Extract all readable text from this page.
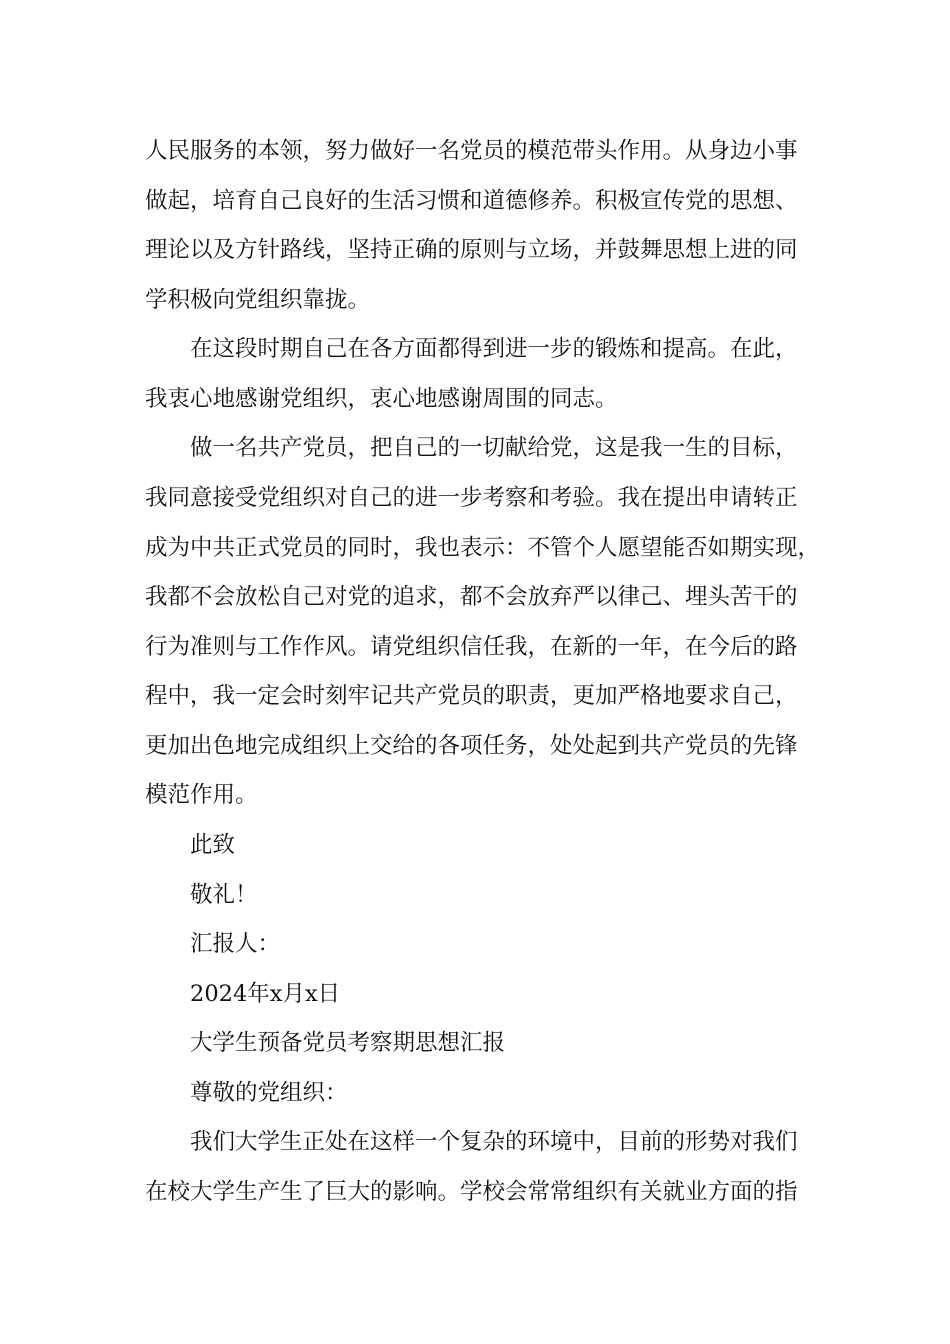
人民服务的本领，努力做好一名党员的模范带头作用。从身边小事
做起，培育自己良好的生活习惯和道德修养。积极宣传党的思想、
理论以及方针路线，坚持正确的原则与立场，并鼓舞思想上进的同
学积极向党组织靠拢。
在这段时期自己在各方面都得到进一步的锻炼和提高。在此，
我衷心地感谢党组织，衷心地感谢周围的同志。
做一名共产党员，把自己的一切献给党，这是我一生的目标，
我同意接受党组织对自己的进一步考察和考验。我在提出申请转正
成为中共正式党员的同时，我也表示：不管个人愿望能否如期实现，
我都不会放松自己对党的追求，都不会放弃严以律己、埋头苦干的
行为准则与工作作风。请党组织信任我，在新的一年，在今后的路
程中，我一定会时刻牢记共产党员的职责，更加严格地要求自己，
更加出色地完成组织上交给的各项任务，处处起到共产党员的先锋
模范作用。
此致
敬礼！
汇报人：
2024年x月x日
大学生预备党员考察期思想汇报
尊敬的党组织：
我们大学生正处在这样一个复杂的环境中，目前的形势对我们
在校大学生产生了巨大的影响。学校会常常组织有关就业方面的指
